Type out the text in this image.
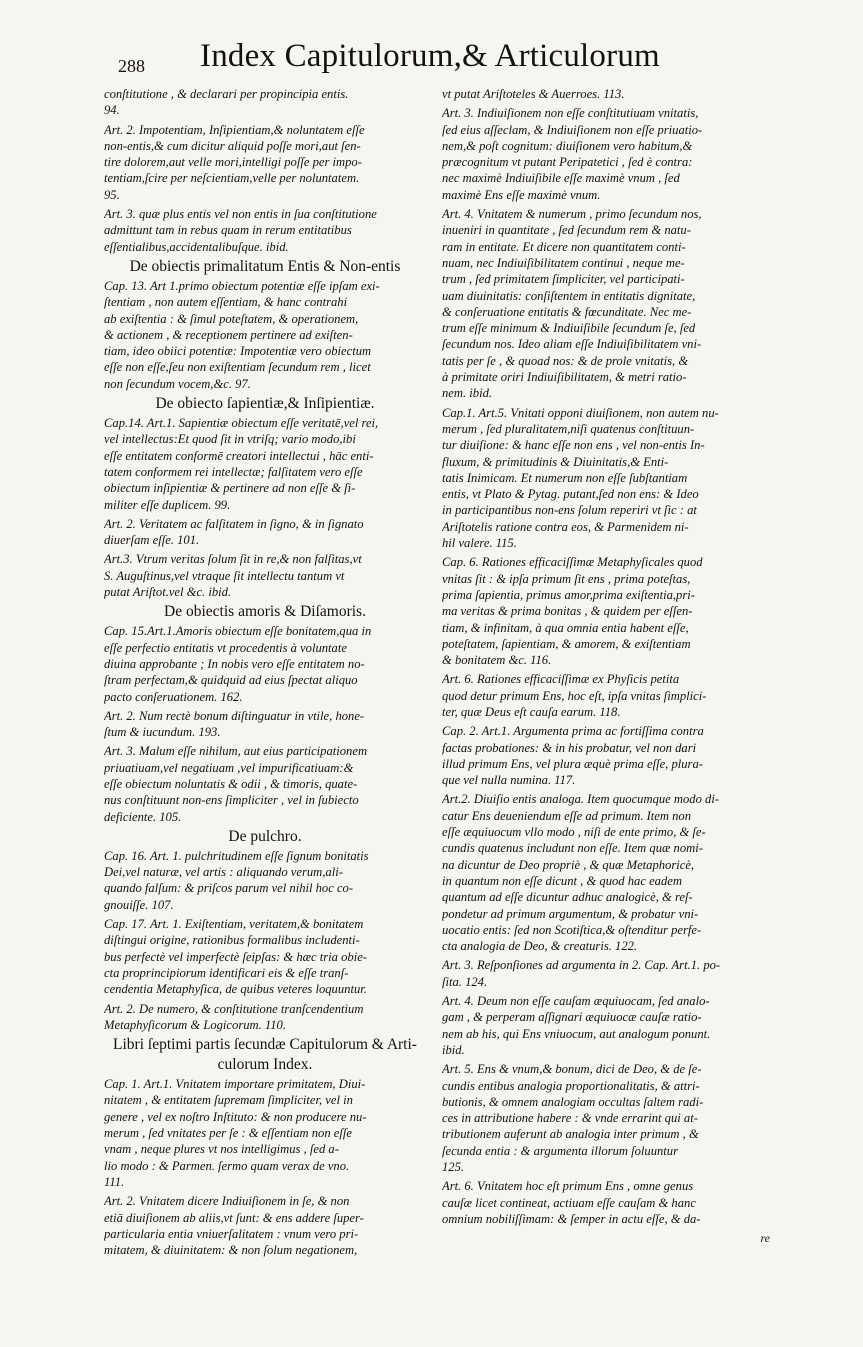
288 Index Capitulorum,& Articulorum
conſtitutione , & declarari per propincipia entis.
94.
Art. 2. Impotentiam, Inſipientiam,& noluntatem eſſe
non-entis,& cum dicitur aliquid poſſe mori,aut ſen-
tire dolorem,aut velle mori,intelligi poſſe per impo-
tentiam,ſcire per neſcientiam,velle per noluntatem.
95.
Art. 3. quæ plus entis vel non entis in ſua conſtitutione
admittunt tam in rebus quam in rerum entitatibus
eſſentialibus,accidentalibuſque. ibid.
De obiectis primalitatum Entis & Non-entis
Cap. 13. Art 1.primo obiectum potentiæ eſſe ipſam exi-
ſtentiam , non autem eſſentiam, & hanc contrahi
ab exiſtentia : & ſimul poteſtatem, & operationem,
& actionem , & receptionem pertinere ad exiſten-
tiam, ideo obiici potentiæ: Impotentiæ vero obiectum
eſſe non eſſe,ſeu non exiſtentiam ſecundum rem , licet
non ſecundum vocem,&c. 97.
De obiecto ſapientiæ,& Inſipientiæ.
Cap.14. Art.1. Sapientiæ obiectum eſſe veritatē,vel rei,
vel intellectus:Et quod ſit in vtriſq; vario modo,ibi
eſſe entitatem conformē creatori intellectui , hāc enti-
tatem conformem rei intellectæ; falſitatem vero eſſe
obiectum inſipientiæ & pertinere ad non eſſe & ſi-
militer eſſe duplicem. 99.
Art. 2. Veritatem ac falſitatem in ſigno, & in ſignato
diuerſam eſſe. 101.
Art.3. Vtrum veritas ſolum ſit in re,& non falſitas,vt
S. Auguſtinus,vel vtraque ſit intellectu tantum vt
putat Ariſtot.vel &c. ibid.
De obiectis amoris & Diſamoris.
Cap. 15.Art.1.Amoris obiectum eſſe bonitatem,qua in
eſſe perfectio entitatis vt procedentis à voluntate
diuina approbante ; In nobis vero eſſe entitatem no-
ſtram perfectam,& quidquid ad eius ſpectat aliquo
pacto conſeruationem. 162.
Art. 2. Num rectè bonum diſtinguatur in vtile, hone-
ſtum & iucundum. 193.
Art. 3. Malum eſſe nihilum, aut eius participationem
priuatiuam,vel negatiuam ,vel impurificatiuam:&
eſſe obiectum noluntatis & odii , & timoris, quate-
nus conſtituunt non-ens ſimpliciter , vel in ſubiecto
deficiente. 105.
De pulchro.
Cap. 16. Art. 1. pulchritudinem eſſe ſignum bonitatis
Dei,vel naturæ, vel artis : aliquando verum,ali-
quando falſum: & priſcos parum vel nihil hoc co-
gnouiſſe. 107.
Cap. 17. Art. 1. Exiſtentiam, veritatem,& bonitatem
diſtingui origine, rationibus formalibus includenti-
bus perfectè vel imperfectè ſeipſas: & hæc tria obie-
cta proprincipiorum identificari eis & eſſe tranſ-
cendentia Metaphyſica, de quibus veteres loquuntur.
Art. 2. De numero, & conſtitutione tranſcendentium
Metaphyſicorum & Logicorum. 110.
Libri ſeptimi partis ſecundæ Capitulorum & Arti-
culorum Index.
Cap. 1. Art.1. Vnitatem importare primitatem, Diui-
nitatem , & entitatem ſupremam ſimpliciter, vel in
genere , vel ex noſtro Inſtituto: & non producere nu-
merum , ſed vnitates per ſe : & eſſentiam non eſſe
vnam , neque plures vt nos intelligimus , ſed a-
lio modo : & Parmen. ſermo quam verax de vno.
111.
Art. 2. Vnitatem dicere Indiuiſionem in ſe, & non
etiā diuiſionem ab aliis,vt ſunt: & ens addere ſuper-
particularia entia vniuerſalitatem : vnum vero pri-
mitatem, & diuinitatem: & non ſolum negationem,
vt putat Ariſtoteles & Auerroes. 113.
Art. 3. Indiuiſionem non eſſe conſtitutiuam vnitatis,
ſed eius aſſeclam, & Indiuiſionem non eſſe priuatio-
nem,& poſt cognitum: diuiſionem vero habitum,&
præcognitum vt putant Peripatetici , ſed è contra:
nec maximè Indiuiſibile eſſe maximè vnum , ſed
maximè Ens eſſe maximè vnum.
Art. 4. Vnitatem & numerum , primo ſecundum nos,
inueniri in quantitate , ſed ſecundum rem & natu-
ram in entitate. Et dicere non quantitatem conti-
nuam, nec Indiuiſibilitatem continui , neque me-
trum , ſed primitatem ſimpliciter, vel participati-
uam diuinitatis: conſiſtentem in entitatis dignitate,
& conſeruatione entitatis & fœcunditate. Nec me-
trum eſſe minimum & Indiuiſibile ſecundum ſe, ſed
ſecundum nos. Ideo aliam eſſe Indiuiſibilitatem vni-
tatis per ſe , & quoad nos: & de prole vnitatis, &
à primitate oriri Indiuiſibilitatem, & metri ratio-
nem. ibid.
Cap.1. Art.5. Vnitati opponi diuiſionem, non autem nu-
merum , ſed pluralitatem,niſi quatenus conſtituun-
tur diuiſione: & hanc eſſe non ens , vel non-entis In-
fluxum, & primitudinis & Diuinitatis,& Enti-
tatis Inimicam. Et numerum non eſſe ſubſtantiam
entis, vt Plato & Pytag. putant,ſed non ens: & Ideo
in participantibus non-ens ſolum reperiri vt ſic : at
Ariſtotelis ratione contra eos, & Parmenidem ni-
hil valere. 115.
Cap. 6. Rationes efficaciſſimæ Metaphyſicales quod
vnitas ſit : & ipſa primum ſit ens , prima poteſtas,
prima ſapientia, primus amor,prima exiſtentia,pri-
ma veritas & prima bonitas , & quidem per eſſen-
tiam, & infinitam, à qua omnia entia habent eſſe,
poteſtatem, ſapientiam, & amorem, & exiſtentiam
& bonitatem &c. 116.
Art. 6. Rationes efficaciſſimæ ex Phyſicis petita
quod detur primum Ens, hoc eſt, ipſa vnitas ſimplici-
ter, quæ Deus eſt cauſa earum. 118.
Cap. 2. Art.1. Argumenta prima ac fortiſſima contra
factas probationes: & in his probatur, vel non dari
illud primum Ens, vel plura æquè prima eſſe, plura-
que vel nulla numina. 117.
Art.2. Diuiſio entis analoga. Item quocumque modo di-
catur Ens deueniendum eſſe ad primum. Item non
eſſe æquiuocum vllo modo , niſi de ente primo, & ſe-
cundis quatenus includunt non eſſe. Item quæ nomi-
na dicuntur de Deo propriè , & quæ Metaphoricè,
in quantum non eſſe dicunt , & quod hac eadem
quantum ad eſſe dicuntur adhuc analogicè, & reſ-
pondetur ad primum argumentum, & probatur vni-
uocatio entis: ſed non Scotiſtica,& oſtenditur perfe-
cta analogia de Deo, & creaturis. 122.
Art. 3. Reſponſiones ad argumenta in 2. Cap. Art.1. po-
ſita. 124.
Art. 4. Deum non eſſe cauſam æquiuocam, ſed analo-
gam , & perperam aſſignari æquiuocæ cauſæ ratio-
nem ab his, qui Ens vniuocum, aut analogum ponunt.
ibid.
Art. 5. Ens & vnum,& bonum, dici de Deo, & de ſe-
cundis entibus analogia proportionalitatis, & attri-
butionis, & omnem analogiam occultas ſaltem radi-
ces in attributione habere : & vnde errarint qui at-
tributionem auferunt ab analogia inter primum , &
ſecunda entia : & argumenta illorum ſoluuntur
125.
Art. 6. Vnitatem hoc eſt primum Ens , omne genus
cauſæ licet contineat, actiuam eſſe cauſam & hanc
omnium nobiliſſimam: & ſemper in actu eſſe, & da-
re
